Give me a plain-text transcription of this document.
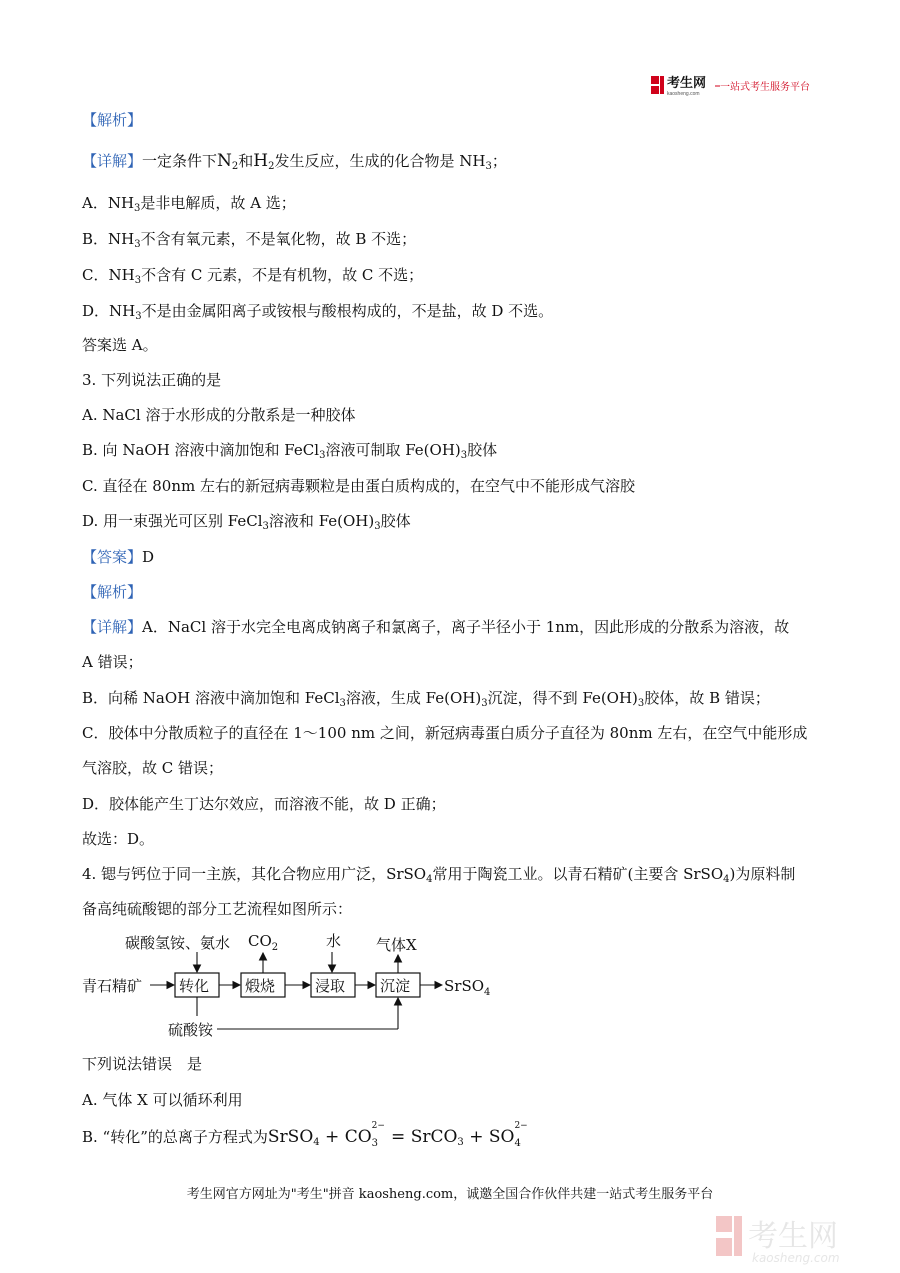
考生网
kaosheng.com
一站式考生服务平台
【解析】
【详解】一定条件下$N_2$和$H_2$发生反应，生成的化合物是 $NH_3$；
A．$NH_3$是非电解质，故 A 选；
B．$NH_3$不含有氧元素，不是氧化物，故 B 不选；
C．$NH_3$不含有 C 元素，不是有机物，故 C 不选；
D．$NH_3$不是由金属阳离子或铵根与酸根构成的，不是盐，故 D 不选。
答案选 A。
3. 下列说法正确的是
A. NaCl 溶于水形成的分散系是一种胶体
B. 向 NaOH 溶液中滴加饱和 FeCl$_3$溶液可制取 $Fe(OH)_3$胶体
C. 直径在 80nm 左右的新冠病毒颗粒是由蛋白质构成的，在空气中不能形成气溶胶
D. 用一束强光可区别 FeCl$_3$溶液和 $Fe(OH)_3$胶体
【答案】D
【解析】
【详解】A．NaCl 溶于水完全电离成钠离子和氯离子，离子半径小于 1nm，因此形成的分散系为溶液，故
A 错误；
B．向稀 NaOH 溶液中滴加饱和 FeCl$_3$溶液，生成 $Fe(OH)_3$沉淀，得不到 $Fe(OH)_3$胶体，故 B 错误；
C．胶体中分散质粒子的直径在 1～100 nm 之间，新冠病毒蛋白质分子直径为 80nm 左右，在空气中能形成
气溶胶，故 C 错误；
D．胶体能产生丁达尔效应，而溶液不能，故 D 正确；
故选：D。
4. 锶与钙位于同一主族，其化合物应用广泛，SrSO$_4$常用于陶瓷工业。以青石精矿(主要含 SrSO$_4$)为原料制
备高纯硫酸锶的部分工艺流程如图所示：
碳酸氢铵、氨水 $CO_2$	水 气体X
青石精矿 转化 煅烧	浸取 沉淀 SrSO$_4$
硫酸铵
下列说法错误　是
A. 气体 X 可以循环利用
B. “转化”的总离子方程式为SrSO$_4$ + CO
2−
3 = SrCO$_3$ + SO
2−
4
考生网官方网址为"考生"拼音 kaosheng.com，诚邀全国合作伙伴共建一站式考生服务平台
考生网
kaosheng.com
